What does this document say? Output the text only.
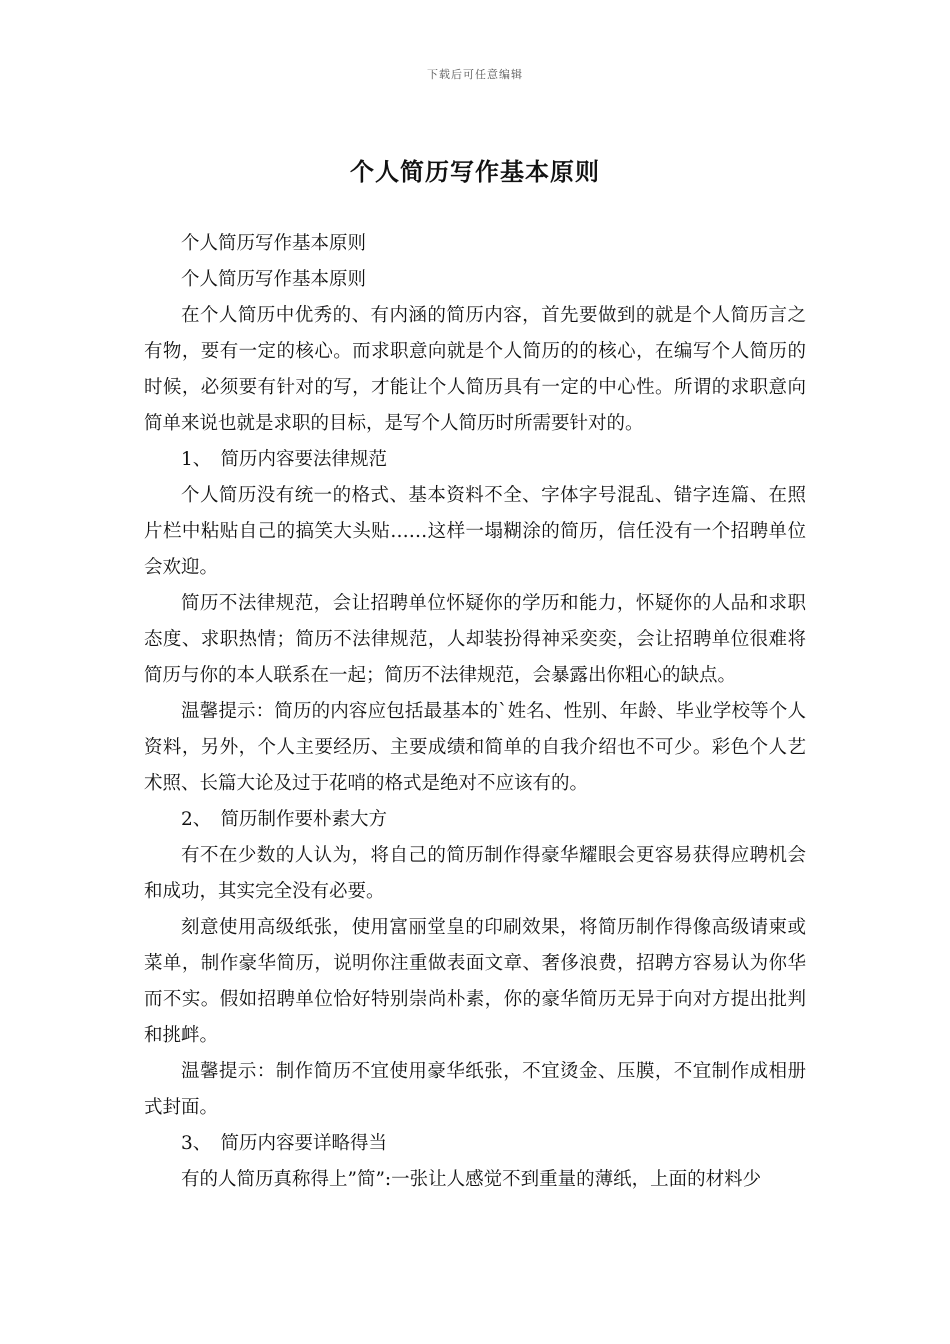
下载后可任意编辑
个人简历写作基本原则

个人简历写作基本原则

个人简历写作基本原则

在个人简历中优秀的、有内涵的简历内容，首先要做到的就是个人简历言之有物，要有一定的核心。而求职意向就是个人简历的的核心，在编写个人简历的时候，必须要有针对的写，才能让个人简历具有一定的中心性。所谓的求职意向简单来说也就是求职的目标，是写个人简历时所需要针对的。

1、　简历内容要法律规范

个人简历没有统一的格式、基本资料不全、字体字号混乱、错字连篇、在照片栏中粘贴自己的搞笑大头贴……这样一塌糊涂的简历，信任没有一个招聘单位会欢迎。

简历不法律规范，会让招聘单位怀疑你的学历和能力，怀疑你的人品和求职态度、求职热情；简历不法律规范，人却装扮得神采奕奕，会让招聘单位很难将简历与你的本人联系在一起；简历不法律规范，会暴露出你粗心的缺点。

温馨提示：简历的内容应包括最基本的`姓名、性别、年龄、毕业学校等个人资料，另外，个人主要经历、主要成绩和简单的自我介绍也不可少。彩色个人艺术照、长篇大论及过于花哨的格式是绝对不应该有的。

2、　简历制作要朴素大方

有不在少数的人认为，将自己的简历制作得豪华耀眼会更容易获得应聘机会和成功，其实完全没有必要。

刻意使用高级纸张，使用富丽堂皇的印刷效果，将简历制作得像高级请柬或菜单，制作豪华简历，说明你注重做表面文章、奢侈浪费，招聘方容易认为你华而不实。假如招聘单位恰好特别崇尚朴素，你的豪华简历无异于向对方提出批判和挑衅。

温馨提示：制作简历不宜使用豪华纸张，不宜烫金、压膜，不宜制作成相册式封面。

3、　简历内容要详略得当

有的人简历真称得上”简”:一张让人感觉不到重量的薄纸，上面的材料少
